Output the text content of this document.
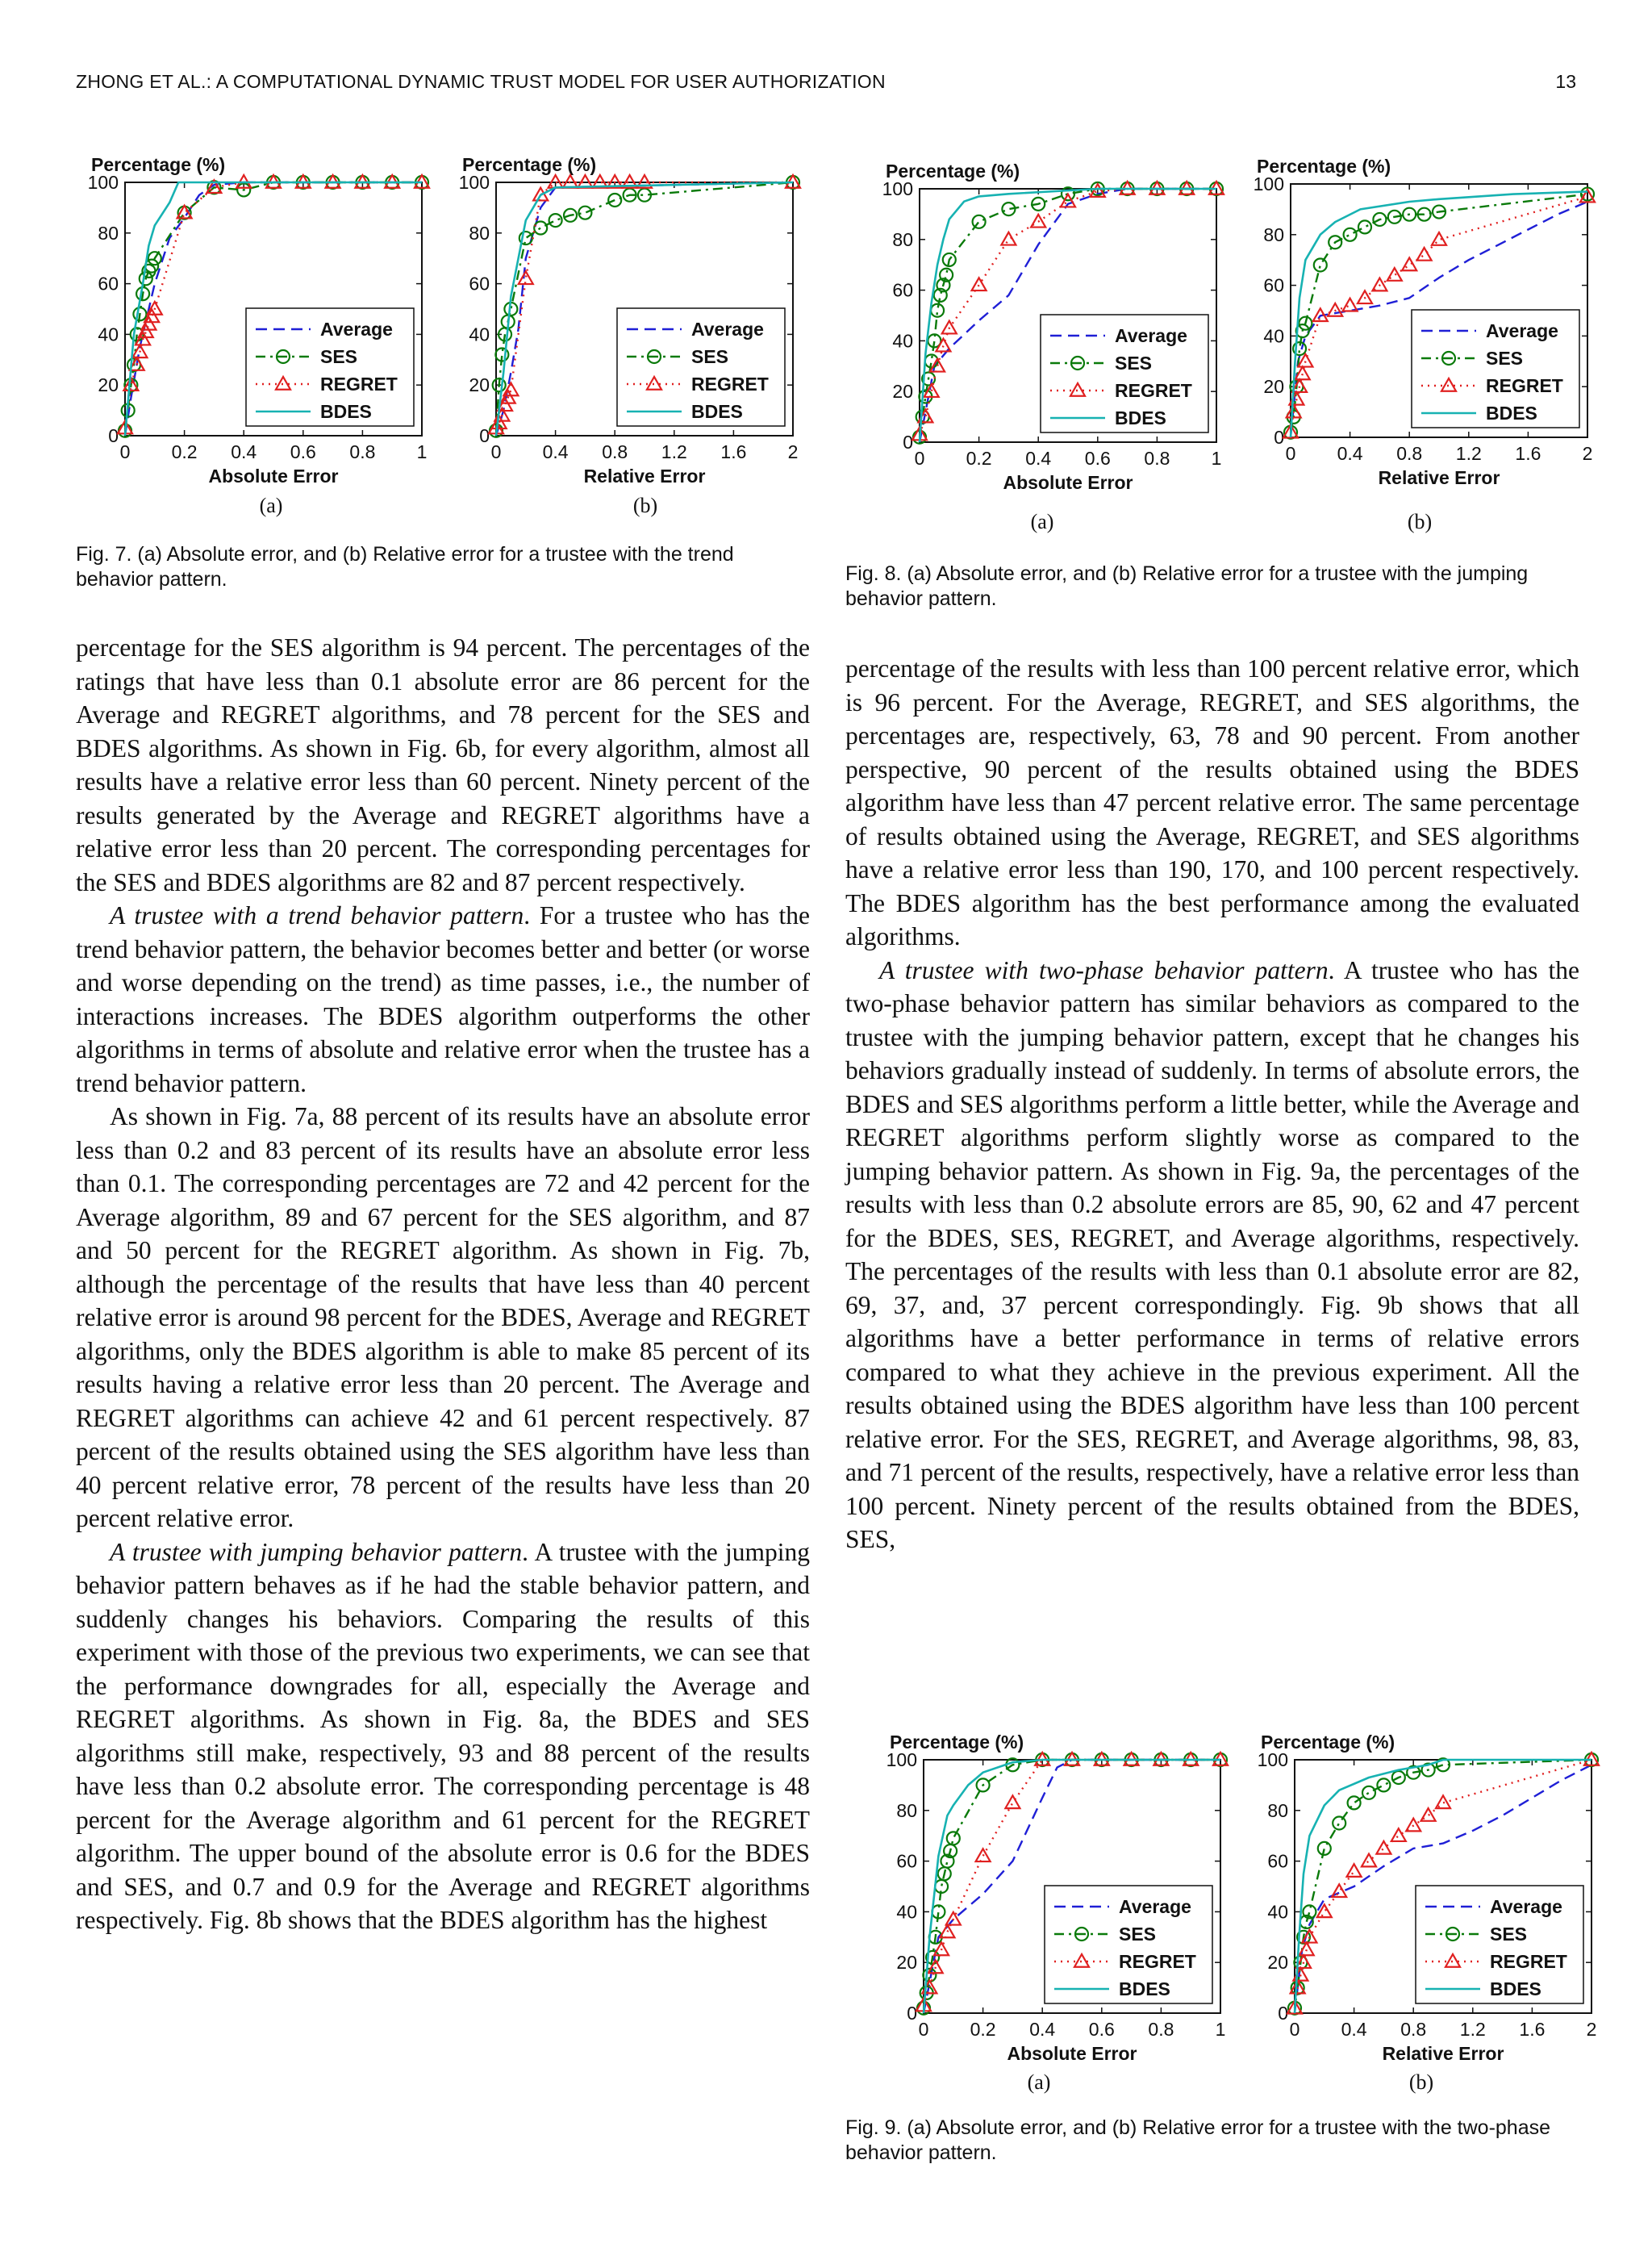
ZHONG ET AL.: A COMPUTATIONAL DYNAMIC TRUST MODEL FOR USER AUTHORIZATION	13
Percentage (%)
0 0.2 0.4 0.6 0.8 1
0
20
40
60
80
100
Absolute Error
Average
SES
REGRET
BDES
Percentage (%)
0 0.4 0.8 1.2 1.6 2
0
20
40
60
80
100
Relative Error
Average
SES
REGRET
BDES
(a)	(b)

Fig. 7. (a) Absolute error, and (b) Relative error for a trustee with the trend behavior pattern.

Percentage (%)
0 0.2 0.4 0.6 0.8 1
0
20
40
60
80
100
Absolute Error
Average
SES
REGRET
BDES
Percentage (%)
0 0.4 0.8 1.2 1.6 2
0
20
40
60
80
100
Relative Error
Average
SES
REGRET
BDES
(a)	(b)

Fig. 8. (a) Absolute error, and (b) Relative error for a trustee with the jumping behavior pattern.

percentage for the SES algorithm is 94 percent. The percentages of the ratings that have less than 0.1 absolute error are 86 percent for the Average and REGRET algorithms, and 78 percent for the SES and BDES algorithms. As shown in Fig. 6b, for every algorithm, almost all results have a relative error less than 60 percent. Ninety percent of the results generated by the Average and REGRET algorithms have a relative error less than 20 percent. The corresponding percentages for the SES and BDES algorithms are 82 and 87 percent respectively.

A trustee with a trend behavior pattern. For a trustee who has the trend behavior pattern, the behavior becomes better and better (or worse and worse depending on the trend) as time passes, i.e., the number of interactions increases. The BDES algorithm outperforms the other algorithms in terms of absolute and relative error when the trustee has a trend behavior pattern.

As shown in Fig. 7a, 88 percent of its results have an absolute error less than 0.2 and 83 percent of its results have an absolute error less than 0.1. The corresponding percentages are 72 and 42 percent for the Average algorithm, 89 and 67 percent for the SES algorithm, and 87 and 50 percent for the REGRET algorithm. As shown in Fig. 7b, although the percentage of the results that have less than 40 percent relative error is around 98 percent for the BDES, Average and REGRET algorithms, only the BDES algorithm is able to make 85 percent of its results having a relative error less than 20 percent. The Average and REGRET algorithms can achieve 42 and 61 percent respectively. 87 percent of the results obtained using the SES algorithm have less than 40 percent relative error, 78 percent of the results have less than 20 percent relative error.

A trustee with jumping behavior pattern. A trustee with the jumping behavior pattern behaves as if he had the stable behavior pattern, and suddenly changes his behaviors. Comparing the results of this experiment with those of the previous two experiments, we can see that the performance downgrades for all, especially the Average and REGRET algorithms. As shown in Fig. 8a, the BDES and SES algorithms still make, respectively, 93 and 88 percent of the results have less than 0.2 absolute error. The corresponding percentage is 48 percent for the Average algorithm and 61 percent for the REGRET algorithm. The upper bound of the absolute error is 0.6 for the BDES and SES, and 0.7 and 0.9 for the Average and REGRET algorithms respectively. Fig. 8b shows that the BDES algorithm has the highest

percentage of the results with less than 100 percent relative error, which is 96 percent. For the Average, REGRET, and SES algorithms, the percentages are, respectively, 63, 78 and 90 percent. From another perspective, 90 percent of the results obtained using the BDES algorithm have less than 47 percent relative error. The same percentage of results obtained using the Average, REGRET, and SES algorithms have a relative error less than 190, 170, and 100 percent respectively. The BDES algorithm has the best performance among the evaluated algorithms.

A trustee with two-phase behavior pattern. A trustee who has the two-phase behavior pattern has similar behaviors as compared to the trustee with the jumping behavior pattern, except that he changes his behaviors gradually instead of suddenly. In terms of absolute errors, the BDES and SES algorithms perform a little better, while the Average and REGRET algorithms perform slightly worse as compared to the jumping behavior pattern. As shown in Fig. 9a, the percentages of the results with less than 0.2 absolute errors are 85, 90, 62 and 47 percent for the BDES, SES, REGRET, and Average algorithms, respectively. The percentages of the results with less than 0.1 absolute error are 82, 69, 37, and, 37 percent correspondingly. Fig. 9b shows that all algorithms have a better performance in terms of relative errors compared to what they achieve in the previous experiment. All the results obtained using the BDES algorithm have less than 100 percent relative error. For the SES, REGRET, and Average algorithms, 98, 83, and 71 percent of the results, respectively, have a relative error less than 100 percent. Ninety percent of the results obtained from the BDES, SES,

Percentage (%)
0 0.2 0.4 0.6 0.8 1
0
20
40
60
80
100
Absolute Error
Average
SES
REGRET
BDES
Percentage (%)
0 0.4 0.8 1.2 1.6 2
0
20
40
60
80
100
Relative Error
Average
SES
REGRET
BDES
(a)	(b)

Fig. 9. (a) Absolute error, and (b) Relative error for a trustee with the two-phase behavior pattern.
